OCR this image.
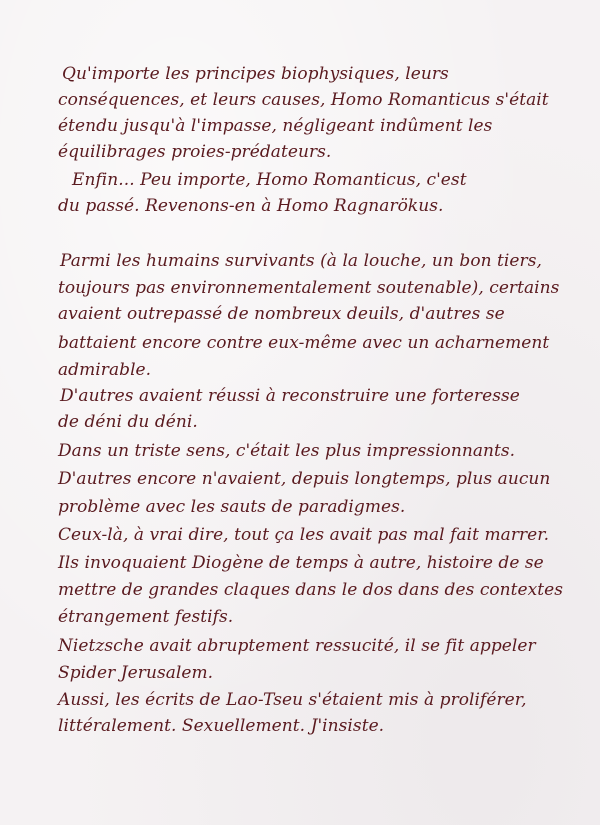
Qu'importe les principes biophysiques, leurs
conséquences, et leurs causes, Homo Romanticus s'était
étendu jusqu'à l'impasse, négligeant indûment les
équilibrages proies-prédateurs.
Enfin... Peu importe, Homo Romanticus, c'est
du passé. Revenons-en à Homo Ragnarökus.
Parmi les humains survivants (à la louche, un bon tiers,
toujours pas environnementalement soutenable), certains
avaient outrepassé de nombreux deuils, d'autres se
battaient encore contre eux-même avec un acharnement
admirable.
D'autres avaient réussi à reconstruire une forteresse
de déni du déni.
Dans un triste sens, c'était les plus impressionnants.
D'autres encore n'avaient, depuis longtemps, plus aucun
problème avec les sauts de paradigmes.
Ceux-là, à vrai dire, tout ça les avait pas mal fait marrer.
Ils invoquaient Diogène de temps à autre, histoire de se
mettre de grandes claques dans le dos dans des contextes
étrangement festifs.
Nietzsche avait abruptement ressucité, il se fit appeler
Spider Jerusalem.
Aussi, les écrits de Lao-Tseu s'étaient mis à proliférer,
littéralement. Sexuellement. J'insiste.
